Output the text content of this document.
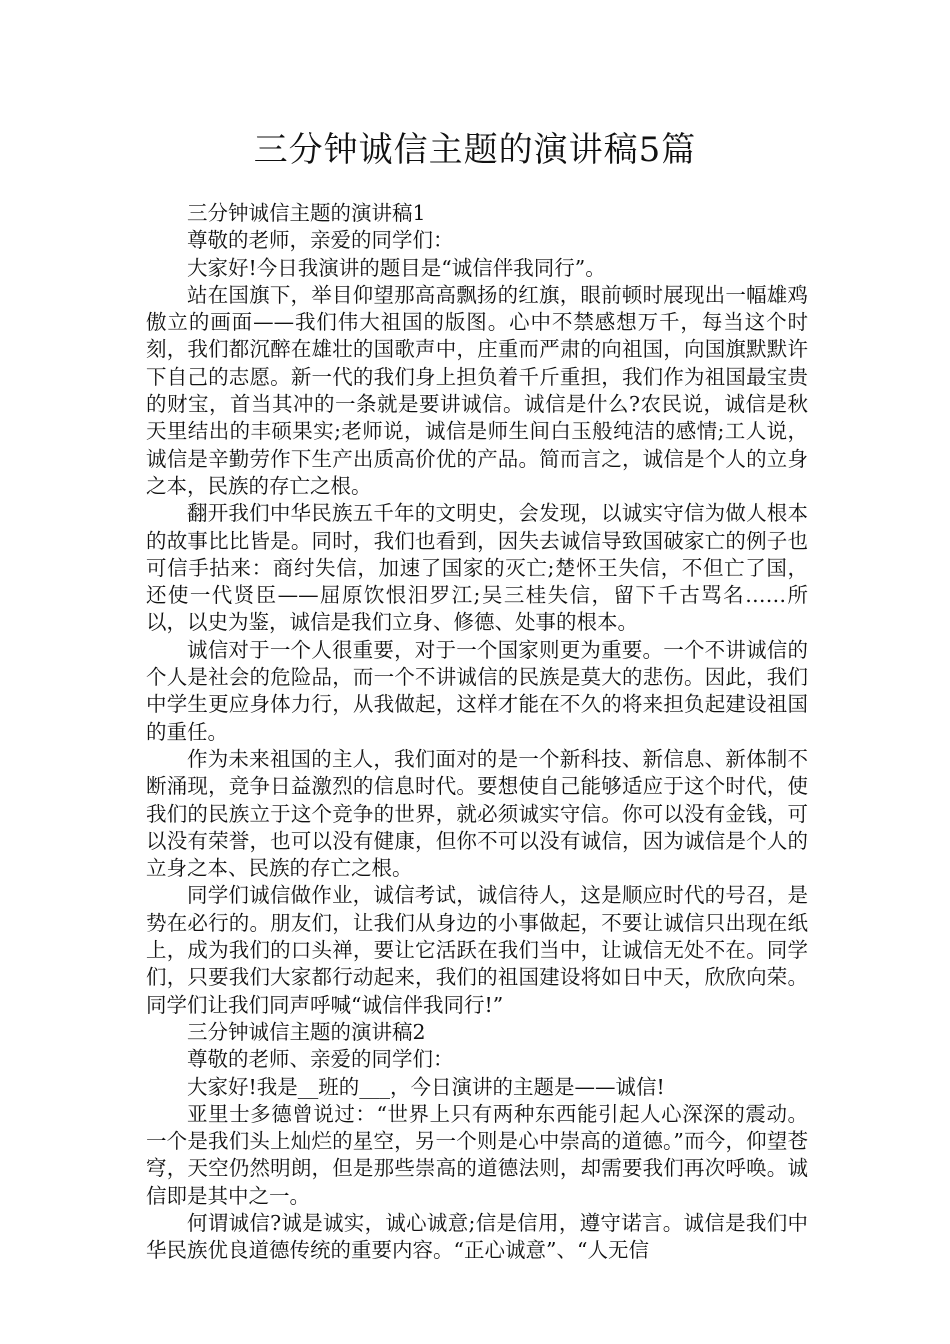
三分钟诚信主题的演讲稿5篇

三分钟诚信主题的演讲稿1

尊敬的老师，亲爱的同学们：

大家好!今日我演讲的题目是“诚信伴我同行”。

站在国旗下，举目仰望那高高飘扬的红旗，眼前顿时展现出一幅雄鸡傲立的画面——我们伟大祖国的版图。心中不禁感想万千，每当这个时刻，我们都沉醉在雄壮的国歌声中，庄重而严肃的向祖国，向国旗默默许下自己的志愿。新一代的我们身上担负着千斤重担，我们作为祖国最宝贵的财宝，首当其冲的一条就是要讲诚信。诚信是什么?农民说，诚信是秋天里结出的丰硕果实;老师说，诚信是师生间白玉般纯洁的感情;工人说，诚信是辛勤劳作下生产出质高价优的产品。简而言之，诚信是个人的立身之本，民族的存亡之根。

翻开我们中华民族五千年的文明史，会发现，以诚实守信为做人根本的故事比比皆是。同时，我们也看到，因失去诚信导致国破家亡的例子也可信手拈来：商纣失信，加速了国家的灭亡;楚怀王失信，不但亡了国，还使一代贤臣——屈原饮恨汨罗江;吴三桂失信，留下千古骂名……所以，以史为鉴，诚信是我们立身、修德、处事的根本。

诚信对于一个人很重要，对于一个国家则更为重要。一个不讲诚信的个人是社会的危险品，而一个不讲诚信的民族是莫大的悲伤。因此，我们中学生更应身体力行，从我做起，这样才能在不久的将来担负起建设祖国的重任。

作为未来祖国的主人，我们面对的是一个新科技、新信息、新体制不断涌现，竞争日益激烈的信息时代。要想使自己能够适应于这个时代，使我们的民族立于这个竞争的世界，就必须诚实守信。你可以没有金钱，可以没有荣誉，也可以没有健康，但你不可以没有诚信，因为诚信是个人的立身之本、民族的存亡之根。

同学们诚信做作业，诚信考试，诚信待人，这是顺应时代的号召，是势在必行的。朋友们，让我们从身边的小事做起，不要让诚信只出现在纸上，成为我们的口头禅，要让它活跃在我们当中，让诚信无处不在。同学们，只要我们大家都行动起来，我们的祖国建设将如日中天，欣欣向荣。同学们让我们同声呼喊“诚信伴我同行!”

三分钟诚信主题的演讲稿2

尊敬的老师、亲爱的同学们：

大家好!我是__班的___，今日演讲的主题是——诚信!

亚里士多德曾说过：“世界上只有两种东西能引起人心深深的震动。一个是我们头上灿烂的星空，另一个则是心中崇高的道德。”而今，仰望苍穹，天空仍然明朗，但是那些崇高的道德法则，却需要我们再次呼唤。诚信即是其中之一。

何谓诚信?诚是诚实，诚心诚意;信是信用，遵守诺言。诚信是我们中华民族优良道德传统的重要内容。“正心诚意”、“人无信
